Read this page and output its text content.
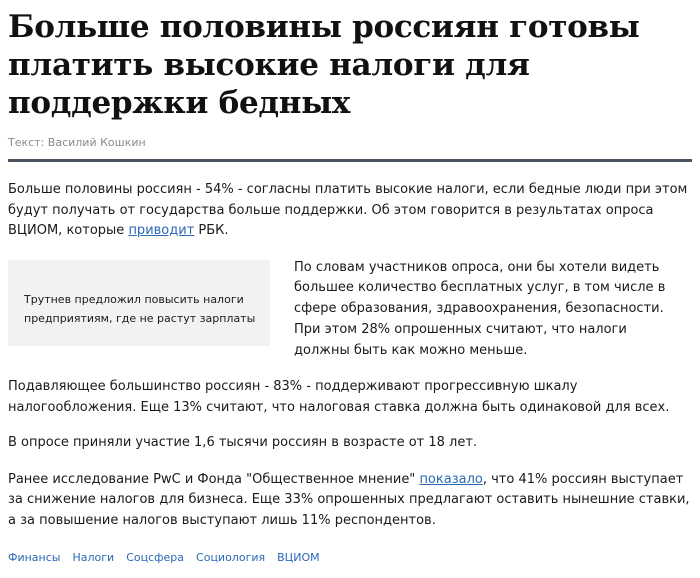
Больше половины россиян готовы платить высокие налоги для поддержки бедных
Текст: Василий Кошкин

Больше половины россиян - 54% - согласны платить высокие налоги, если бедные люди при этом будут получать от государства больше поддержки. Об этом говорится в результатах опроса ВЦИОМ, которые приводит РБК.

Трутнев предложил повысить налоги предприятиям, где не растут зарплаты
По словам участников опроса, они бы хотели видеть большее количество бесплатных услуг, в том числе в сфере образования, здравоохранения, безопасности. При этом 28% опрошенных считают, что налоги должны быть как можно меньше.

Подавляющее большинство россиян - 83% - поддерживают прогрессивную шкалу налогообложения. Еще 13% считают, что налоговая ставка должна быть одинаковой для всех.

В опросе приняли участие 1,6 тысячи россиян в возрасте от 18 лет.

Ранее исследование PwC и Фонда "Общественное мнение" показало, что 41% россиян выступает за снижение налогов для бизнеса. Еще 33% опрошенных предлагают оставить нынешние ставки, а за повышение налогов выступают лишь 11% респондентов.

Финансы Налоги Соцсфера Социология ВЦИОМ
